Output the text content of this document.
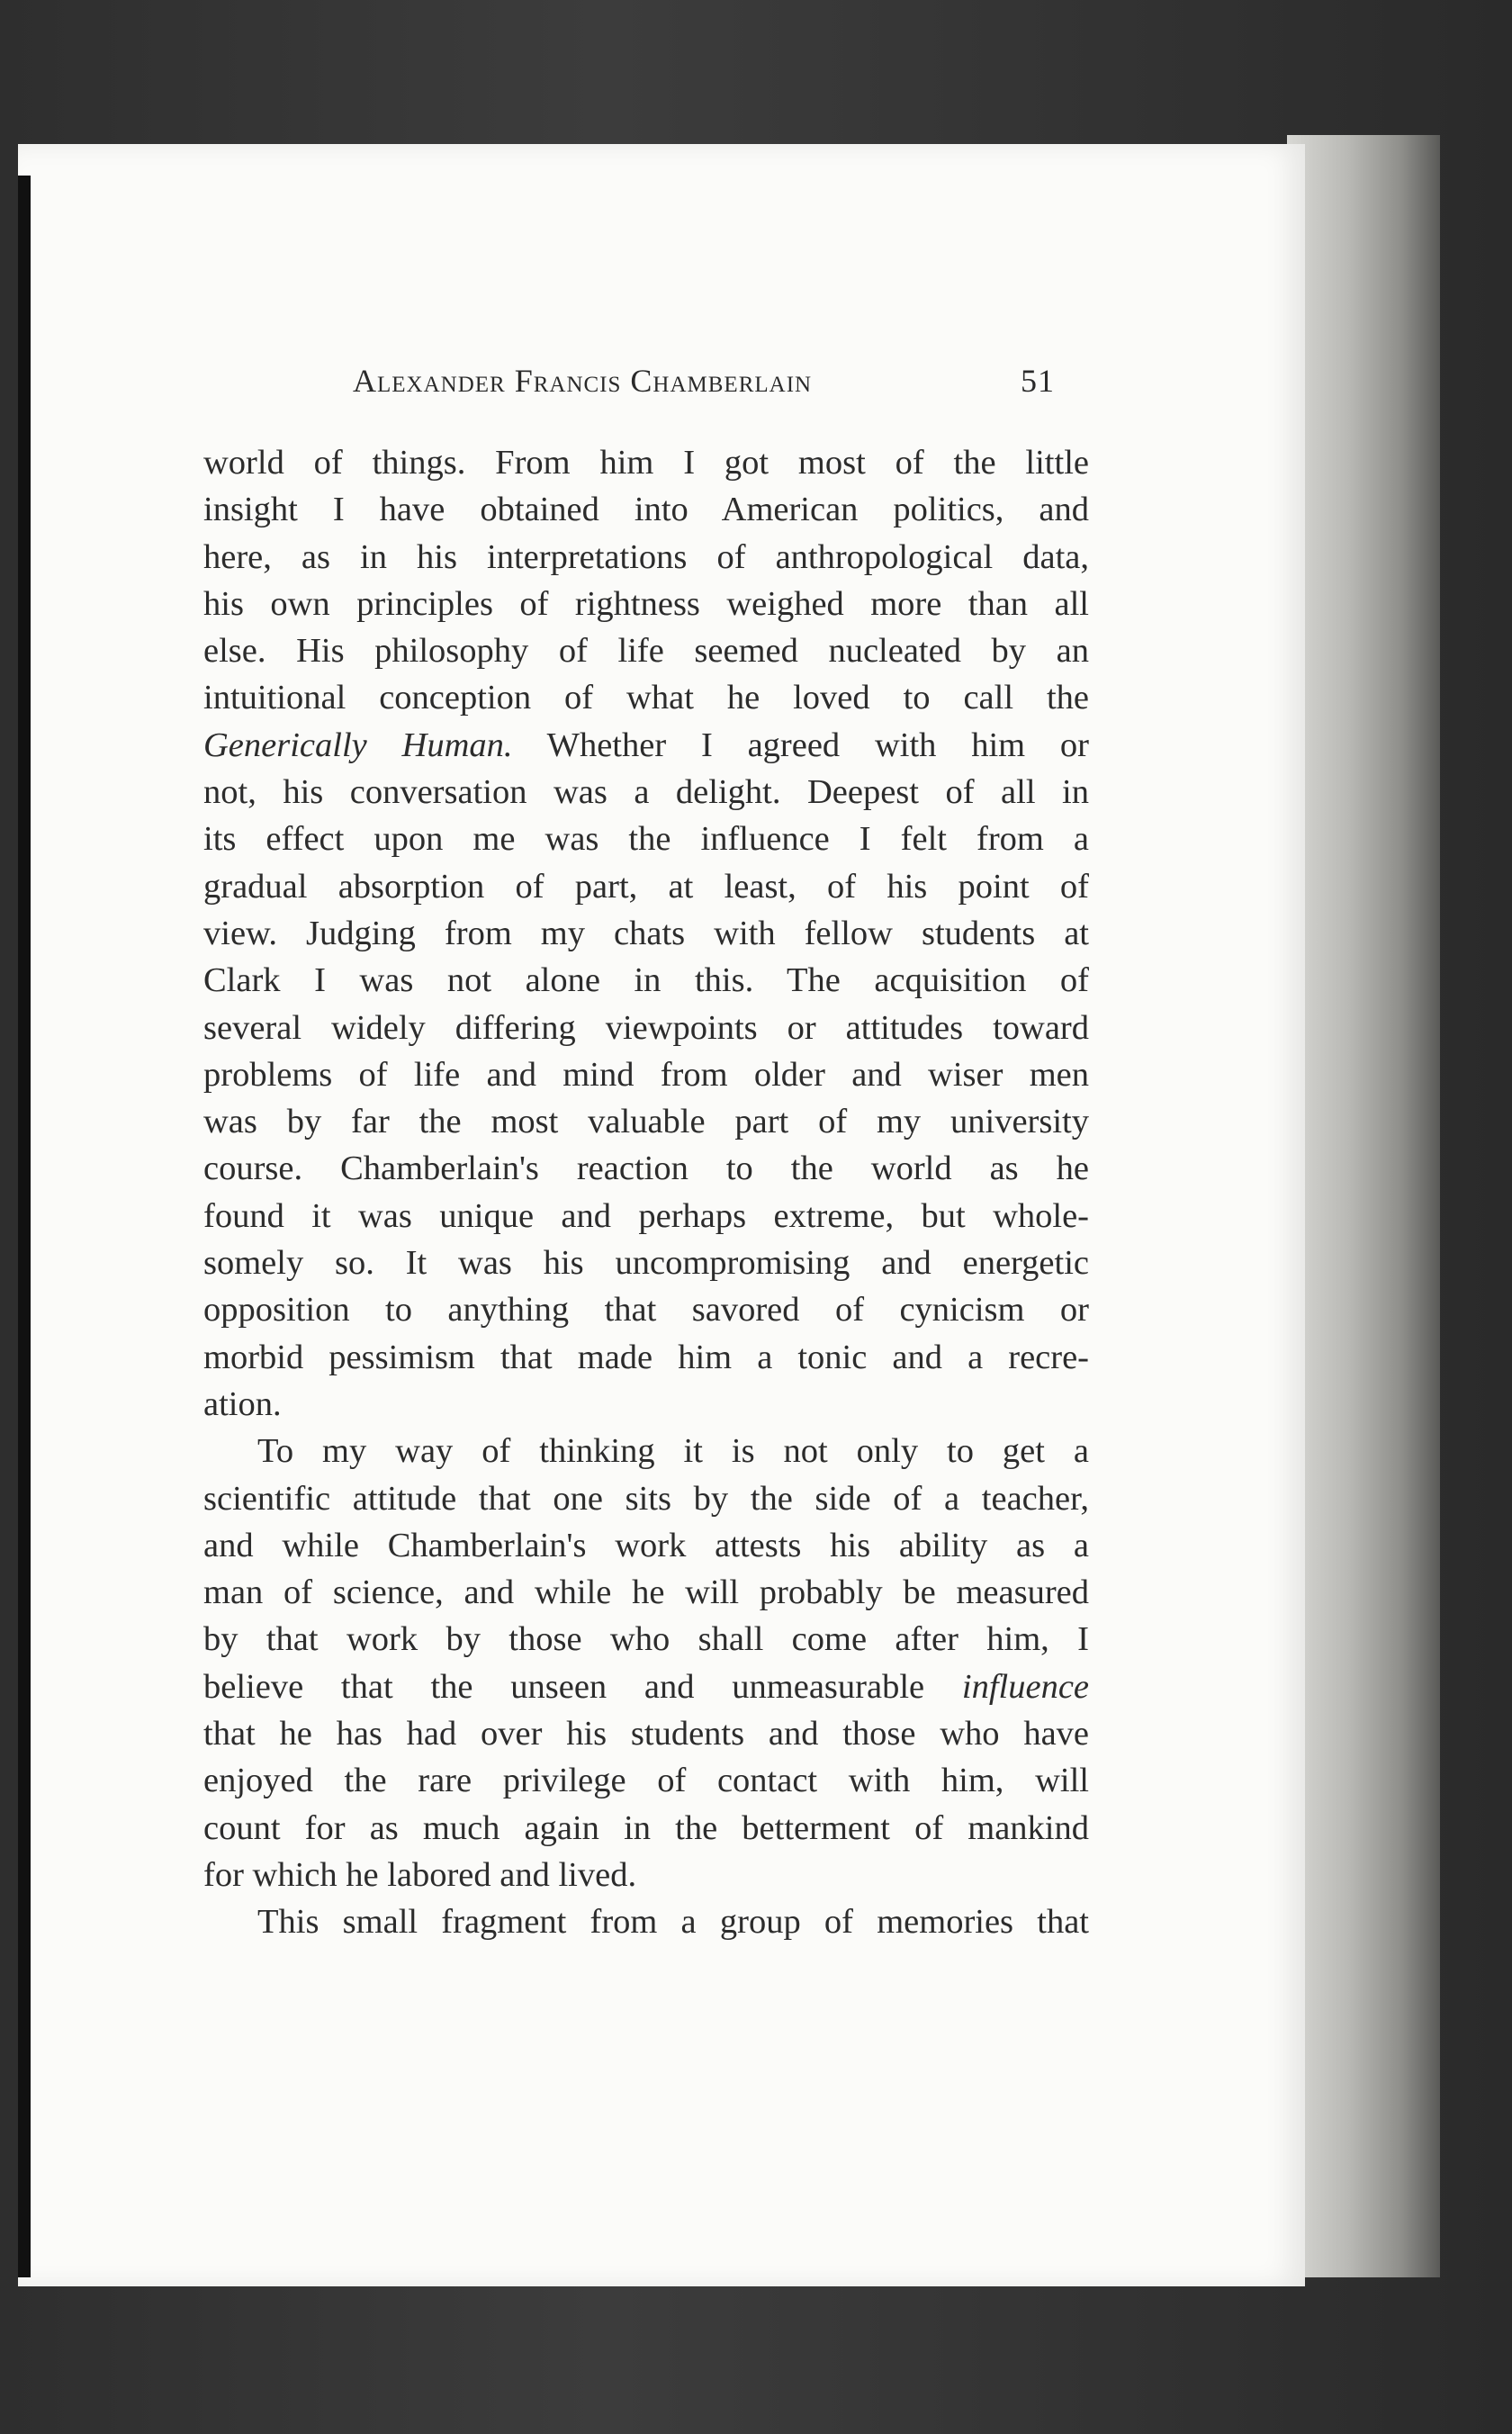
Alexander Francis Chamberlain	51
world of things. From him I got most of the little
insight I have obtained into American politics, and
here, as in his interpretations of anthropological data,
his own principles of rightness weighed more than all
else. His philosophy of life seemed nucleated by an
intuitional conception of what he loved to call the
Generically Human. Whether I agreed with him or
not, his conversation was a delight. Deepest of all in
its effect upon me was the influence I felt from a
gradual absorption of part, at least, of his point of
view. Judging from my chats with fellow students at
Clark I was not alone in this. The acquisition of
several widely differing viewpoints or attitudes toward
problems of life and mind from older and wiser men
was by far the most valuable part of my university
course. Chamberlain's reaction to the world as he
found it was unique and perhaps extreme, but whole-
somely so. It was his uncompromising and energetic
opposition to anything that savored of cynicism or
morbid pessimism that made him a tonic and a recre-
ation.
To my way of thinking it is not only to get a
scientific attitude that one sits by the side of a teacher,
and while Chamberlain's work attests his ability as a
man of science, and while he will probably be measured
by that work by those who shall come after him, I
believe that the unseen and unmeasurable influence
that he has had over his students and those who have
enjoyed the rare privilege of contact with him, will
count for as much again in the betterment of mankind
for which he labored and lived.
This small fragment from a group of memories that
